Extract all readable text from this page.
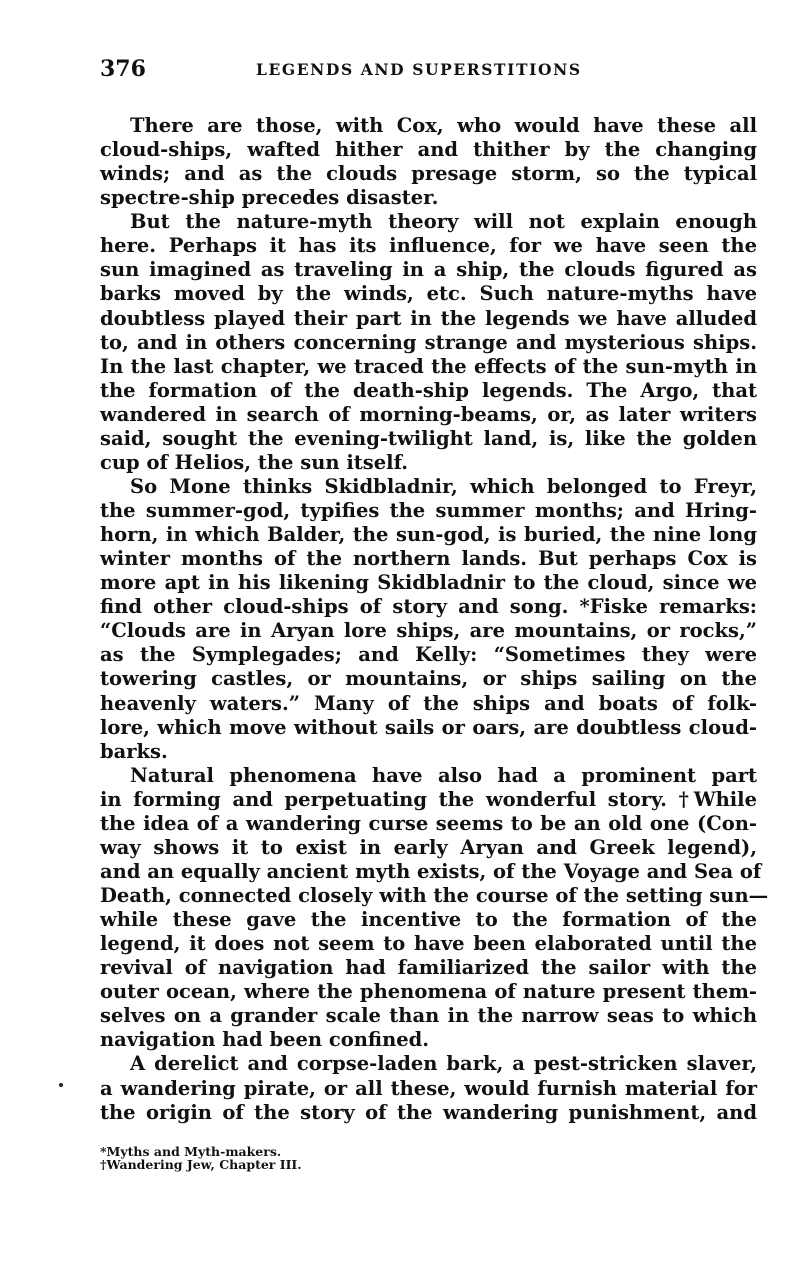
376	LEGENDS AND SUPERSTITIONS
There are those, with Cox, who would have these all
cloud-ships, wafted hither and thither by the changing
winds; and as the clouds presage storm, so the typical
spectre-ship precedes disaster.
But the nature-myth theory will not explain enough
here. Perhaps it has its influence, for we have seen the
sun imagined as traveling in a ship, the clouds figured as
barks moved by the winds, etc. Such nature-myths have
doubtless played their part in the legends we have alluded
to, and in others concerning strange and mysterious ships.
In the last chapter, we traced the effects of the sun-myth in
the formation of the death-ship legends. The Argo, that
wandered in search of morning-beams, or, as later writers
said, sought the evening-twilight land, is, like the golden
cup of Helios, the sun itself.
So Mone thinks Skidbladnir, which belonged to Freyr,
the summer-god, typifies the summer months; and Hring-
horn, in which Balder, the sun-god, is buried, the nine long
winter months of the northern lands. But perhaps Cox is
more apt in his likening Skidbladnir to the cloud, since we
find other cloud-ships of story and song. *Fiske remarks:
“Clouds are in Aryan lore ships, are mountains, or rocks,”
as the Symplegades; and Kelly: “Sometimes they were
towering castles, or mountains, or ships sailing on the
heavenly waters.” Many of the ships and boats of folk-
lore, which move without sails or oars, are doubtless cloud-
barks.
Natural phenomena have also had a prominent part
in forming and perpetuating the wonderful story. †While
the idea of a wandering curse seems to be an old one (Con-
way shows it to exist in early Aryan and Greek legend),
and an equally ancient myth exists, of the Voyage and Sea of
Death, connected closely with the course of the setting sun—
while these gave the incentive to the formation of the
legend, it does not seem to have been elaborated until the
revival of navigation had familiarized the sailor with the
outer ocean, where the phenomena of nature present them-
selves on a grander scale than in the narrow seas to which
navigation had been confined.
A derelict and corpse-laden bark, a pest-stricken slaver,
a wandering pirate, or all these, would furnish material for
the origin of the story of the wandering punishment, and
*Myths and Myth-makers.
†Wandering Jew, Chapter III.
